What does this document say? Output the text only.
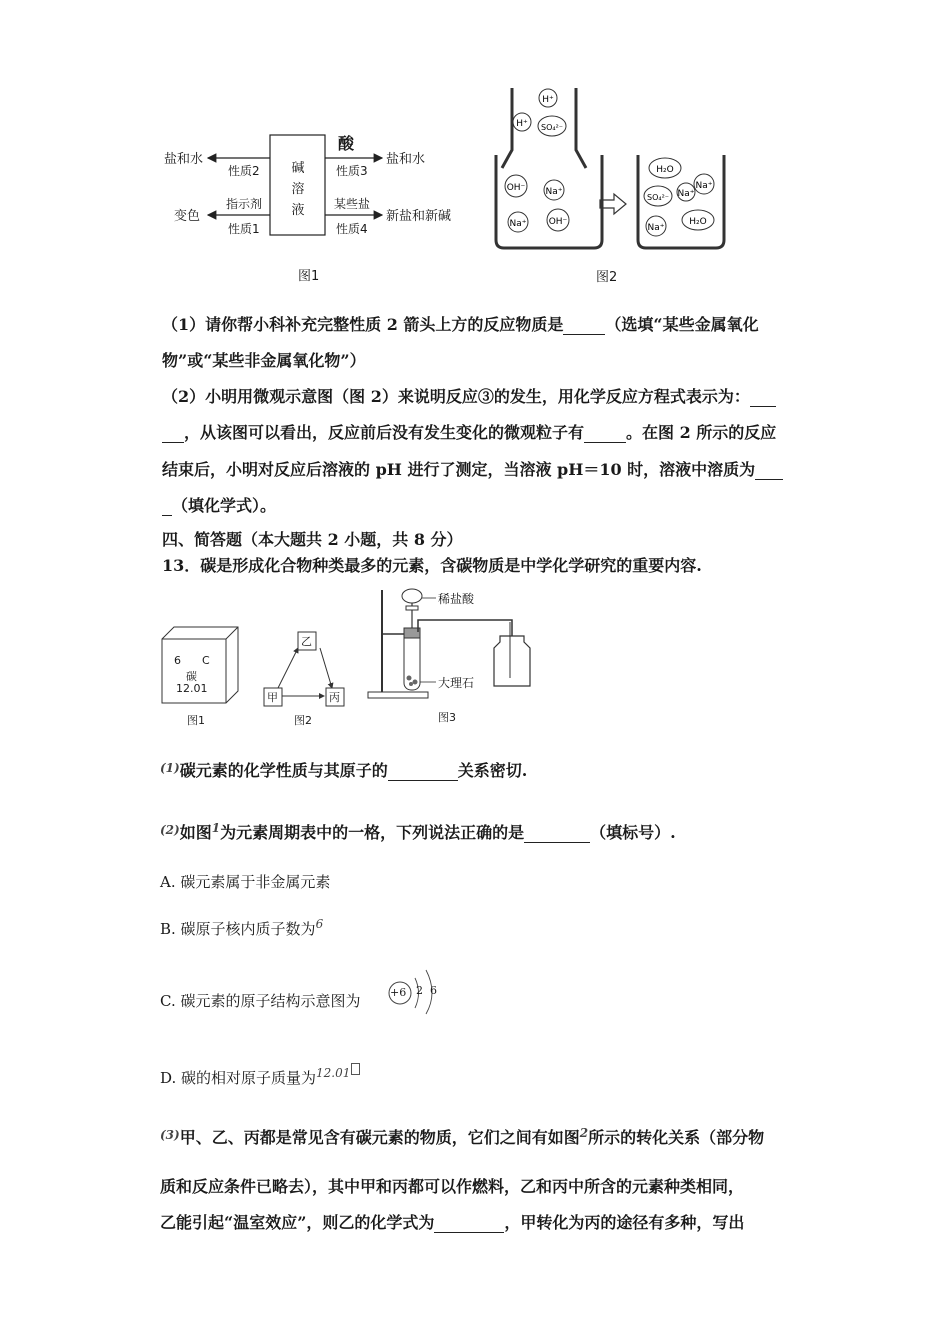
碱
溶
液
酸
盐和水
性质2
变色
指示剂
性质1
性质3
盐和水
某些盐
性质4
新盐和新碱
图1
H⁺
H⁺ SO₄²⁻
OH⁻ Na⁺
Na⁺ OH⁻
H₂O
Na⁺
SO₄²⁻ Na⁺
H₂O
Na⁺
图2
（1）请你帮小科补充完整性质 2 箭头上方的反应物质是	（选填“某些金属氧化
物”或“某些非金属氧化物”）
（2）小明用微观示意图（图 2）来说明反应③的发生，用化学反应方程式表示为：
，从该图可以看出，反应前后没有发生变化的微观粒子有	。在图 2 所示的反应
结束后，小明对反应后溶液的 pH 进行了测定，当溶液 pH＝10 时，溶液中溶质为
（填化学式）。
四、简答题（本大题共 2 小题，共 8 分）
13．碳是形成化合物种类最多的元素，含碳物质是中学化学研究的重要内容.
6 C
碳
12.01
图1
乙
甲	丙
图2
稀盐酸
大理石
图3
$^{(1)}$碳元素的化学性质与其原子的	关系密切.
$^{(2)}$如图$^1$为元素周期表中的一格，下列说法正确的是	（填标号）.
A. 碳元素属于非金属元素
B. 碳原子核内质子数为$^6$
C. 碳元素的原子结构示意图为	+6 2 6
D. 碳的相对原子质量为$^{12.01}$
$^{(3)}$甲、乙、丙都是常见含有碳元素的物质，它们之间有如图$^2$所示的转化关系（部分物
质和反应条件已略去），其中甲和丙都可以作燃料，乙和丙中所含的元素种类相同，
乙能引起“温室效应”，则乙的化学式为	，甲转化为丙的途径有多种，写出
